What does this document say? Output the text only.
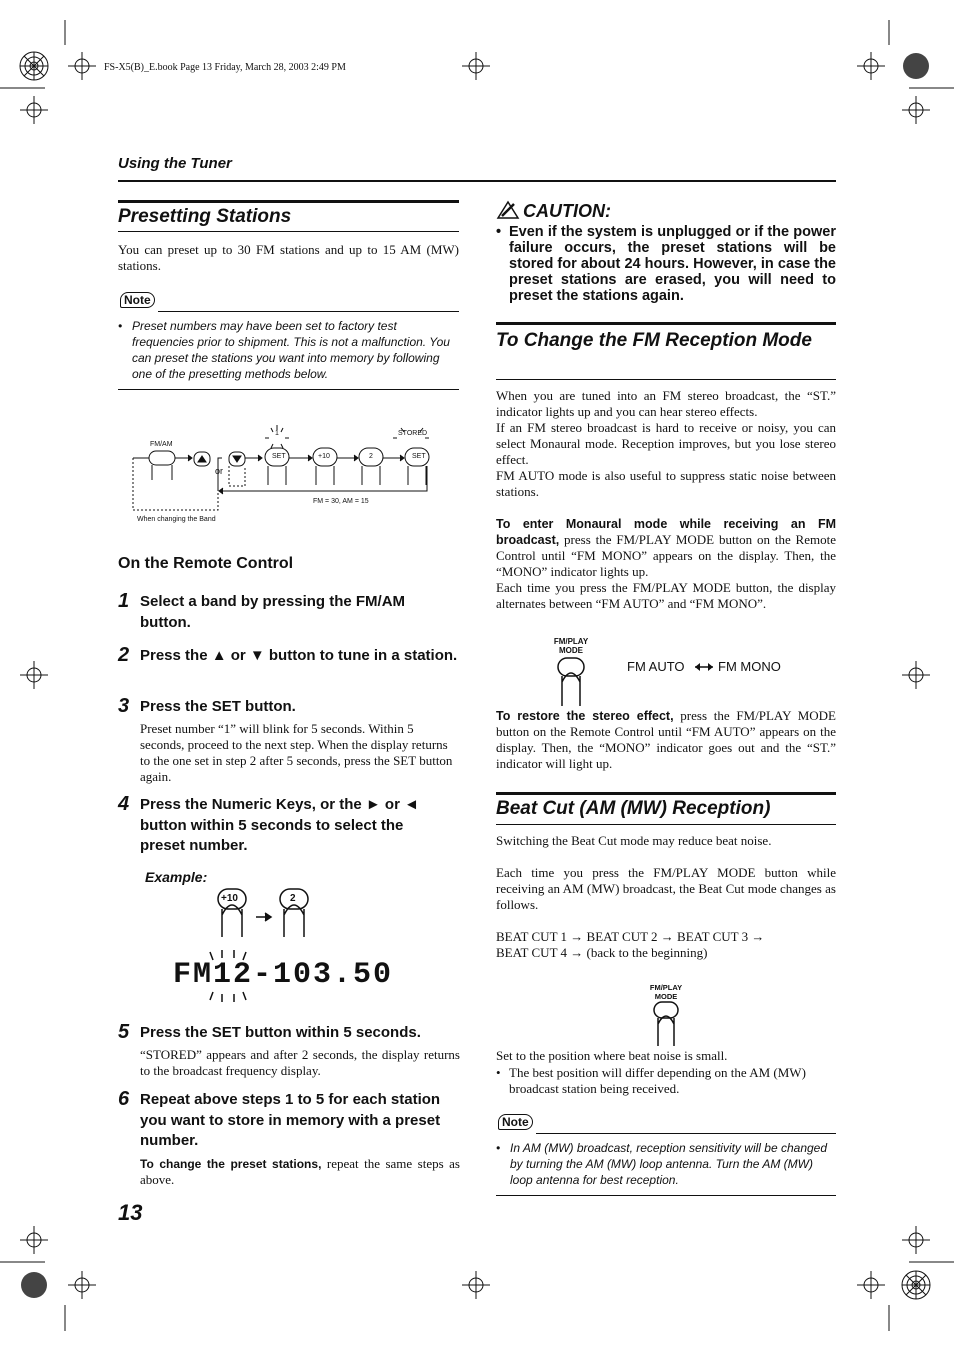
FS-X5(B)_E.book Page 13 Friday, March 28, 2003 2:49 PM
Using the Tuner
Presetting Stations
You can preset up to 30 FM stations and up to 15 AM (MW) stations.
Note
• Preset numbers may have been set to factory test frequencies prior to shipment. This is not a malfunction. You can preset the stations you want into memory by following one of the presetting methods below.
FM/AM
or
1	STORED
SET	+10	2	SET
FM = 30, AM = 15
When changing the Band
On the Remote Control
1 Select a band by pressing the FM/AM button.
2 Press the ▲ or ▼ button to tune in a station.
3 Press the SET button.
Preset number “1” will blink for 5 seconds. Within 5 seconds, proceed to the next step. When the display returns to the one set in step 2 after 5 seconds, press the SET button again.
4 Press the Numeric Keys, or the ► or ◄ button within 5 seconds to select the preset number.
Example:
+10	2
FM12-103.50
5 Press the SET button within 5 seconds.
“STORED” appears and after 2 seconds, the display returns to the broadcast frequency display.
6 Repeat above steps 1 to 5 for each station you want to store in memory with a preset number.
To change the preset stations, repeat the same steps as above.
13
CAUTION:
• Even if the system is unplugged or if the power failure occurs, the preset stations will be stored for about 24 hours. However, in case the preset stations are erased, you will need to preset the stations again.
To Change the FM Reception Mode
When you are tuned into an FM stereo broadcast, the “ST.” indicator lights up and you can hear stereo effects.
If an FM stereo broadcast is hard to receive or noisy, you can select Monaural mode. Reception improves, but you lose stereo effect.
FM AUTO mode is also useful to suppress static noise between stations.
To enter Monaural mode while receiving an FM broadcast, press the FM/PLAY MODE button on the Remote Control until “FM MONO” appears on the display. Then, the “MONO” indicator lights up.
Each time you press the FM/PLAY MODE button, the display alternates between “FM AUTO” and “FM MONO”.
FM/PLAY MODE
FM AUTO	FM MONO
To restore the stereo effect, press the FM/PLAY MODE button on the Remote Control until “FM AUTO” appears on the display. Then, the “MONO” indicator goes out and the “ST.” indicator will light up.
Beat Cut (AM (MW) Reception)
Switching the Beat Cut mode may reduce beat noise.
Each time you press the FM/PLAY MODE button while receiving an AM (MW) broadcast, the Beat Cut mode changes as follows.
BEAT CUT 1 → BEAT CUT 2 → BEAT CUT 3 →
BEAT CUT 4 → (back to the beginning)
FM/PLAY MODE
Set to the position where beat noise is small.
• The best position will differ depending on the AM (MW) broadcast station being received.
Note
• In AM (MW) broadcast, reception sensitivity will be changed by turning the AM (MW) loop antenna. Turn the AM (MW) loop antenna for best reception.
